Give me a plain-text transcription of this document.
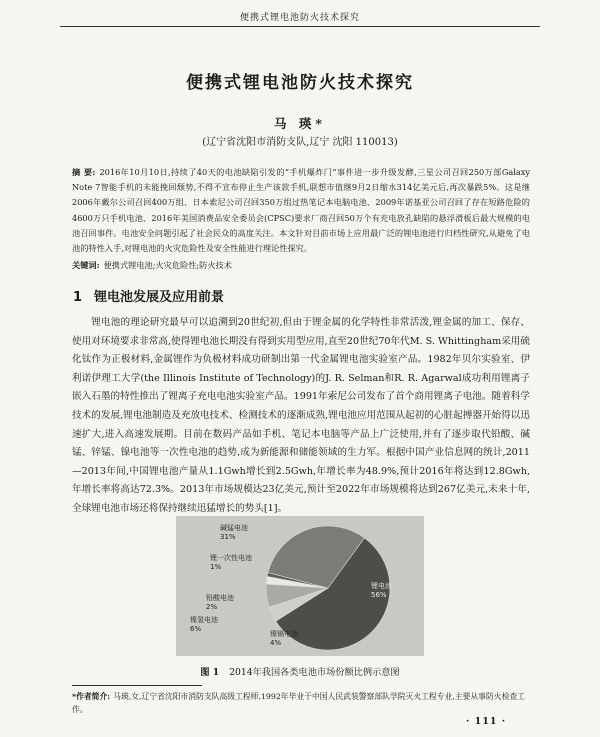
便携式锂电池防火技术探究
便携式锂电池防火技术探究
马 瑛*
(辽宁省沈阳市消防支队,辽宁 沈阳 110013)
摘 要: 2016年10月10日,持续了40天的电池缺陷引发的“手机爆炸门”事件进一步升级发酵,三星公司召回250万部Galaxy Note 7智能手机的未能挽回颓势,不得不宣布停止生产该款手机,联想市值继9月2日缩水314亿美元后,再次暴跌5%。这是继2006年戴尔公司召回400万组、日本索尼公司召回350万组过热笔记本电脑电池、2009年诺基亚公司召回了存在短路危险的4600万只手机电池、2016年美国消费品安全委员会(CPSC)要求厂商召回50万个有充电放孔缺陷的悬浮滑板后最大规模的电池召回事件。电池安全问题引起了社会民众的高度关注。本文针对目前市场上应用最广泛的锂电池进行归档性研究,从避免了电池的特性入手,对锂电池的火灾危险性及安全性能进行理论性探究。
关键词: 便携式锂电池;火灾危险性;防火技术
1 锂电池发展及应用前景
锂电池的理论研究最早可以追溯到20世纪初,但由于锂金属的化学特性非常活泼,锂金属的加工、保存、使用对环境要求非常高,使得锂电池长期没有得到实用型应用,直至20世纪70年代M. S. Whittingham采用硫化钛作为正极材料,金属锂作为负极材料成功研制出第一代金属锂电池实验室产品。1982年贝尔实验室、伊利诺伊理工大学(the Illinois Institute of Technology)的J. R. Selman和R. R. Agarwal成功利用锂离子嵌入石墨的特性推出了锂离子充电电池实验室产品。1991年索尼公司发布了首个商用锂离子电池。随着科学技术的发展,锂电池制造及充放电技术、检测技术的逐渐成熟,锂电池应用范围从起初的心脏起搏器开始得以迅速扩大,进入高速发展期。目前在数码产品如手机、笔记本电脑等产品上广泛使用,并有了逐步取代铅酸、碱锰、锌锰、镍电池等一次性电池的趋势,成为新能源和储能领域的生力军。根据中国产业信息网的统计,2011—2013年间,中国锂电池产量从1.1Gwh增长到2.5Gwh,年增长率为48.9%,预计2016年将达到12.8Gwh,年增长率将高达72.3%。2013年市场规模达23亿美元,预计至2022年市场规模将达到267亿美元,未来十年,全球锂电池市场还将保持继续迅猛增长的势头[1]。
锂电池
56%
镍镉电池
4%
镍氢电池
6%
铅酸电池
2%
锂一次性电池
1%
碱锰电池
31%
图 1 2014年我国各类电池市场份额比例示意图
*作者简介: 马瑛,女,辽宁省沈阳市消防支队高级工程师,1992年毕业于中国人民武装警察部队学院灭火工程专业,主要从事防火检查工作。
· 111 ·
